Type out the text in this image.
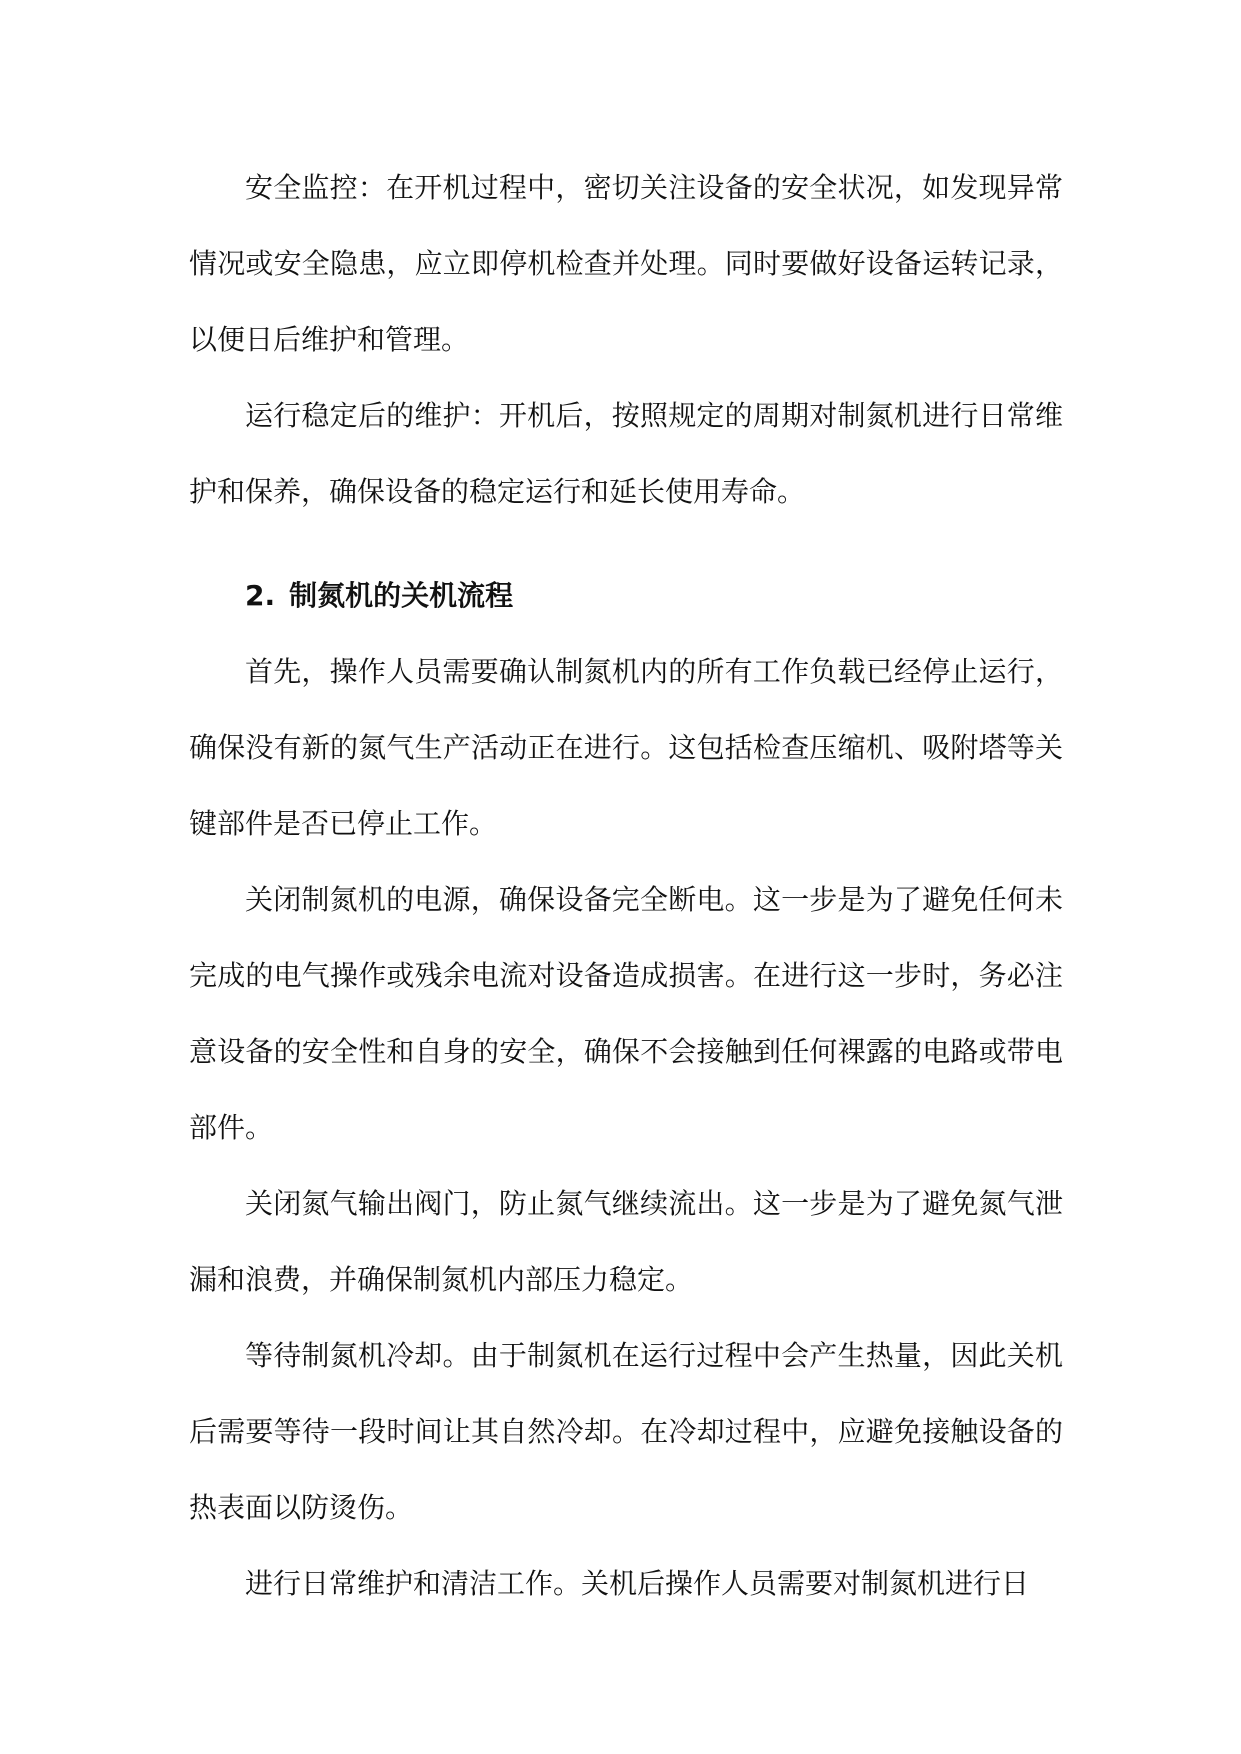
安全监控：在开机过程中，密切关注设备的安全状况，如发现异常情况或安全隐患，应立即停机检查并处理。同时要做好设备运转记录，以便日后维护和管理。

运行稳定后的维护：开机后，按照规定的周期对制氮机进行日常维护和保养，确保设备的稳定运行和延长使用寿命。

2. 制氮机的关机流程

首先，操作人员需要确认制氮机内的所有工作负载已经停止运行，确保没有新的氮气生产活动正在进行。这包括检查压缩机、吸附塔等关键部件是否已停止工作。

关闭制氮机的电源，确保设备完全断电。这一步是为了避免任何未完成的电气操作或残余电流对设备造成损害。在进行这一步时，务必注意设备的安全性和自身的安全，确保不会接触到任何裸露的电路或带电部件。

关闭氮气输出阀门，防止氮气继续流出。这一步是为了避免氮气泄漏和浪费，并确保制氮机内部压力稳定。

等待制氮机冷却。由于制氮机在运行过程中会产生热量，因此关机后需要等待一段时间让其自然冷却。在冷却过程中，应避免接触设备的热表面以防烫伤。

进行日常维护和清洁工作。关机后操作人员需要对制氮机进行日
